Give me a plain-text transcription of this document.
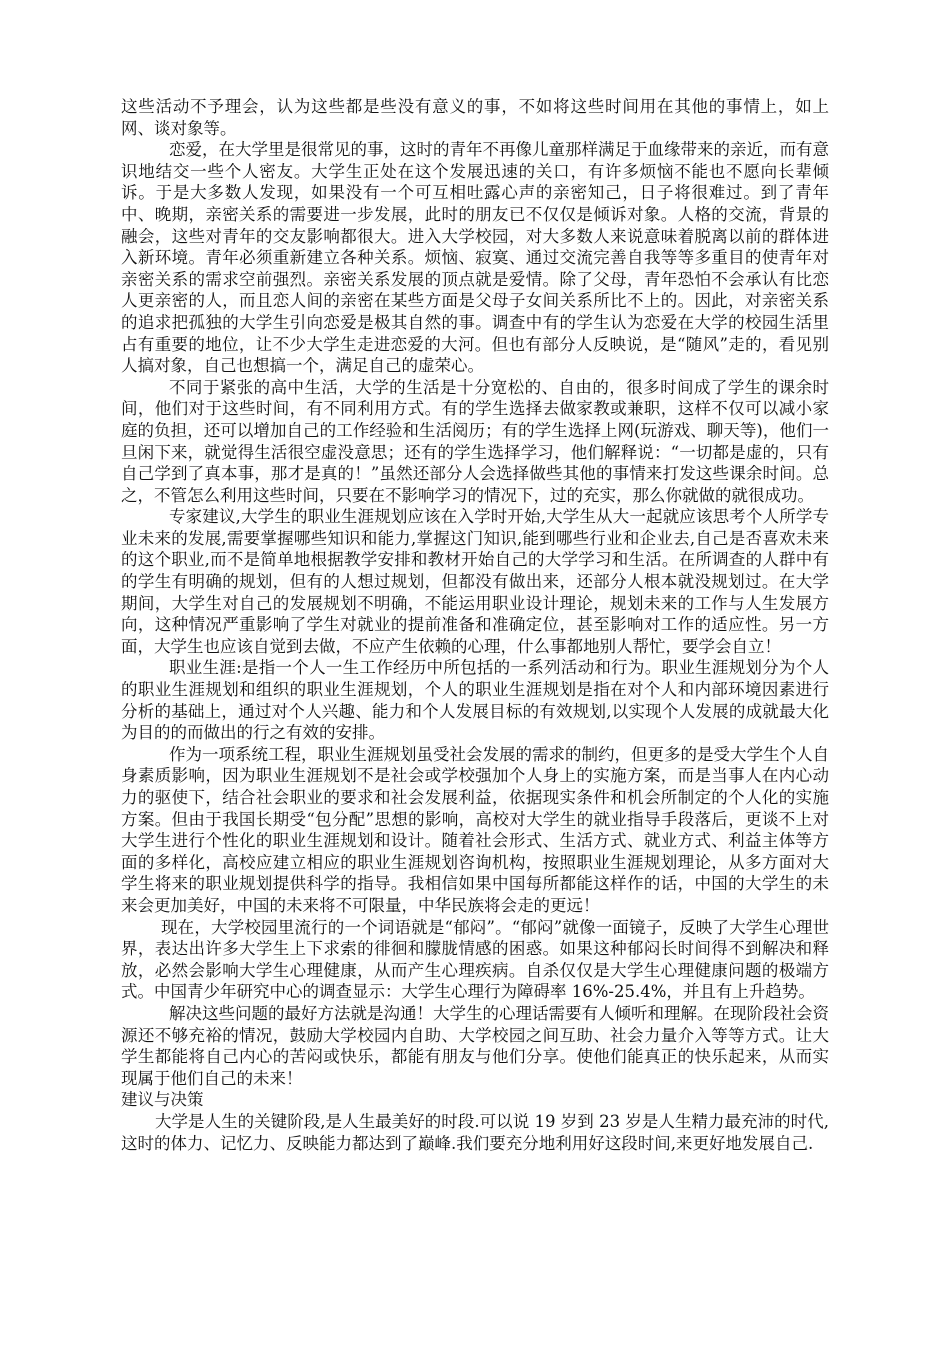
这些活动不予理会，认为这些都是些没有意义的事，不如将这些时间用在其他的事情上，如上网、谈对象等。

恋爱，在大学里是很常见的事，这时的青年不再像儿童那样满足于血缘带来的亲近，而有意识地结交一些个人密友。大学生正处在这个发展迅速的关口，有许多烦恼不能也不愿向长辈倾诉。于是大多数人发现，如果没有一个可互相吐露心声的亲密知己，日子将很难过。到了青年中、晚期，亲密关系的需要进一步发展，此时的朋友已不仅仅是倾诉对象。人格的交流，背景的融会，这些对青年的交友影响都很大。进入大学校园，对大多数人来说意味着脱离以前的群体进入新环境。青年必须重新建立各种关系。烦恼、寂寞、通过交流完善自我等等多重目的使青年对亲密关系的需求空前强烈。亲密关系发展的顶点就是爱情。除了父母，青年恐怕不会承认有比恋人更亲密的人，而且恋人间的亲密在某些方面是父母子女间关系所比不上的。因此，对亲密关系的追求把孤独的大学生引向恋爱是极其自然的事。调查中有的学生认为恋爱在大学的校园生活里占有重要的地位，让不少大学生走进恋爱的大河。但也有部分人反映说，是“随风”走的，看见别人搞对象，自己也想搞一个，满足自己的虚荣心。

不同于紧张的高中生活，大学的生活是十分宽松的、自由的，很多时间成了学生的课余时间，他们对于这些时间，有不同利用方式。有的学生选择去做家教或兼职，这样不仅可以减小家庭的负担，还可以增加自己的工作经验和生活阅历；有的学生选择上网(玩游戏、聊天等)，他们一旦闲下来，就觉得生活很空虚没意思；还有的学生选择学习，他们解释说：“一切都是虚的，只有自己学到了真本事，那才是真的！”虽然还部分人会选择做些其他的事情来打发这些课余时间。总之，不管怎么利用这些时间，只要在不影响学习的情况下，过的充实，那么你就做的就很成功。

专家建议,大学生的职业生涯规划应该在入学时开始,大学生从大一起就应该思考个人所学专业未来的发展,需要掌握哪些知识和能力,掌握这门知识,能到哪些行业和企业去,自己是否喜欢未来的这个职业,而不是简单地根据教学安排和教材开始自己的大学学习和生活。在所调查的人群中有的学生有明确的规划，但有的人想过规划，但都没有做出来，还部分人根本就没规划过。在大学期间，大学生对自己的发展规划不明确，不能运用职业设计理论，规划未来的工作与人生发展方向，这种情况严重影响了学生对就业的提前准备和准确定位，甚至影响对工作的适应性。另一方面，大学生也应该自觉到去做，不应产生依赖的心理，什么事都地别人帮忙，要学会自立！

职业生涯:是指一个人一生工作经历中所包括的一系列活动和行为。职业生涯规划分为个人的职业生涯规划和组织的职业生涯规划，个人的职业生涯规划是指在对个人和内部环境因素进行分析的基础上，通过对个人兴趣、能力和个人发展目标的有效规划,以实现个人发展的成就最大化为目的的而做出的行之有效的安排。

作为一项系统工程，职业生涯规划虽受社会发展的需求的制约，但更多的是受大学生个人自身素质影响，因为职业生涯规划不是社会或学校强加个人身上的实施方案，而是当事人在内心动力的驱使下，结合社会职业的要求和社会发展利益，依据现实条件和机会所制定的个人化的实施方案。但由于我国长期受“包分配”思想的影响，高校对大学生的就业指导手段落后，更谈不上对大学生进行个性化的职业生涯规划和设计。随着社会形式、生活方式、就业方式、利益主体等方面的多样化，高校应建立相应的职业生涯规划咨询机构，按照职业生涯规划理论，从多方面对大学生将来的职业规划提供科学的指导。我相信如果中国每所都能这样作的话，中国的大学生的未来会更加美好，中国的未来将不可限量，中华民族将会走的更远！

现在，大学校园里流行的一个词语就是“郁闷”。“郁闷”就像一面镜子，反映了大学生心理世界，表达出许多大学生上下求索的徘徊和朦胧情感的困惑。如果这种郁闷长时间得不到解决和释放，必然会影响大学生心理健康，从而产生心理疾病。自杀仅仅是大学生心理健康问题的极端方式。中国青少年研究中心的调查显示：大学生心理行为障碍率 16%-25.4%，并且有上升趋势。

解决这些问题的最好方法就是沟通！大学生的心理话需要有人倾听和理解。在现阶段社会资源还不够充裕的情况，鼓励大学校园内自助、大学校园之间互助、社会力量介入等等方式。让大学生都能将自己内心的苦闷或快乐，都能有朋友与他们分享。使他们能真正的快乐起来，从而实现属于他们自己的未来！

建议与决策

大学是人生的关键阶段,是人生最美好的时段.可以说 19 岁到 23 岁是人生精力最充沛的时代,这时的体力、记忆力、反映能力都达到了巅峰.我们要充分地利用好这段时间,来更好地发展自己.
